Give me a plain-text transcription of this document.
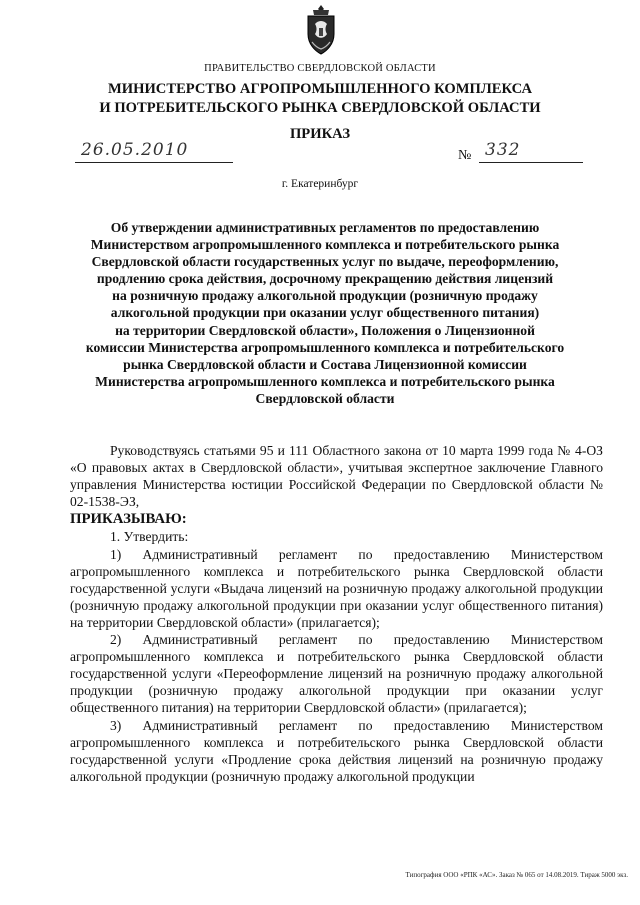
ПРАВИТЕЛЬСТВО СВЕРДЛОВСКОЙ ОБЛАСТИ
МИНИСТЕРСТВО АГРОПРОМЫШЛЕННОГО КОМПЛЕКСА
И ПОТРЕБИТЕЛЬСКОГО РЫНКА СВЕРДЛОВСКОЙ ОБЛАСТИ
ПРИКАЗ
26.05.2010	№ 332
г. Екатеринбург
Об утверждении административных регламентов по предоставлению
Министерством агропромышленного комплекса и потребительского рынка
Свердловской области государственных услуг по выдаче, переоформлению,
продлению срока действия, досрочному прекращению действия лицензий
на розничную продажу алкогольной продукции (розничную продажу
алкогольной продукции при оказании услуг общественного питания)
на территории Свердловской области», Положения о Лицензионной
комиссии Министерства агропромышленного комплекса и потребительского
рынка Свердловской области и Состава Лицензионной комиссии
Министерства агропромышленного комплекса и потребительского рынка
Свердловской области

Руководствуясь статьями 95 и 111 Областного закона от 10 марта 1999 года № 4-ОЗ «О правовых актах в Свердловской области», учитывая экспертное заключение Главного управления Министерства юстиции Российской Федерации по Свердловской области № 02-1538-ЭЗ,

ПРИКАЗЫВАЮ:

1. Утвердить:

1) Административный регламент по предоставлению Министерством агропромышленного комплекса и потребительского рынка Свердловской области государственной услуги «Выдача лицензий на розничную продажу алкогольной продукции (розничную продажу алкогольной продукции при оказании услуг общественного питания) на территории Свердловской области» (прилагается);

2) Административный регламент по предоставлению Министерством агропромышленного комплекса и потребительского рынка Свердловской области государственной услуги «Переоформление лицензий на розничную продажу алкогольной продукции (розничную продажу алкогольной продукции при оказании услуг общественного питания) на территории Свердловской области» (прилагается);

3) Административный регламент по предоставлению Министерством агропромышленного комплекса и потребительского рынка Свердловской области государственной услуги «Продление срока действия лицензий на розничную продажу алкогольной продукции (розничную продажу алкогольной продукции

Типография ООО «РПК «АС». Заказ № 065 от 14.08.2019. Тираж 5000 экз.
